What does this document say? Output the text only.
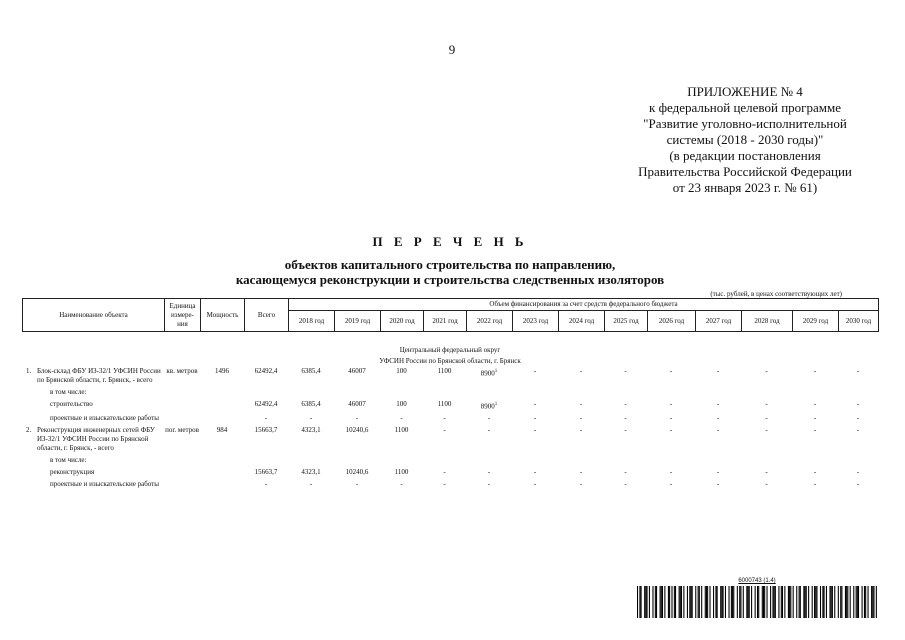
9
ПРИЛОЖЕНИЕ № 4
к федеральной целевой программе
"Развитие уголовно-исполнительной
системы (2018 - 2030 годы)"
(в редакции постановления
Правительства Российской Федерации
от 23 января 2023 г. № 61)
П Е Р Е Ч Е Н Ь
объектов капитального строительства по направлению,
касающемуся реконструкции и строительства следственных изоляторов
(тыс. рублей, в ценах соответствующих лет)
Наименование объекта	Единица измере- ния	Мощность	Всего	Объем финансирования за счет средств федерального бюджета												
				2018 год	2019 год	2020 год	2021 год	2022 год	2023 год	2024 год	2025 год	2026 год	2027 год	2028 год	2029 год	2030 год
Центральный федеральный округ
УФСИН России по Брянской области, г. Брянск
1.	Блок-склад ФБУ ИЗ-32/1 УФСИН России по Брянской области, г. Брянск, - всего	кв. метров	1496	62492,4	6385,4	46007	100	1100	8900$^1$	-	-	-	-	-	-	-	-

	в том числе:																

	строительство			62492,4	6385,4	46007	100	1100	8900$^1$	-	-	-	-	-	-	-	-

	проектные и изыскательские работы			-	-	-	-	-	-	-	-	-	-	-	-	-	-

2.	Реконструкция инженерных сетей ФБУ ИЗ-32/1 УФСИН России по Брянской области, г. Брянск, - всего	пог. метров	984	15663,7	4323,1	10240,6	1100	-	-	-	-	-	-	-	-	-	-

	в том числе:																

	реконструкция			15663,7	4323,1	10240,6	1100	-	-	-	-	-	-	-	-	-	-

	проектные и изыскательские работы			-	-	-	-	-	-	-	-	-	-	-	-	-	-

6000743 (1.4)
